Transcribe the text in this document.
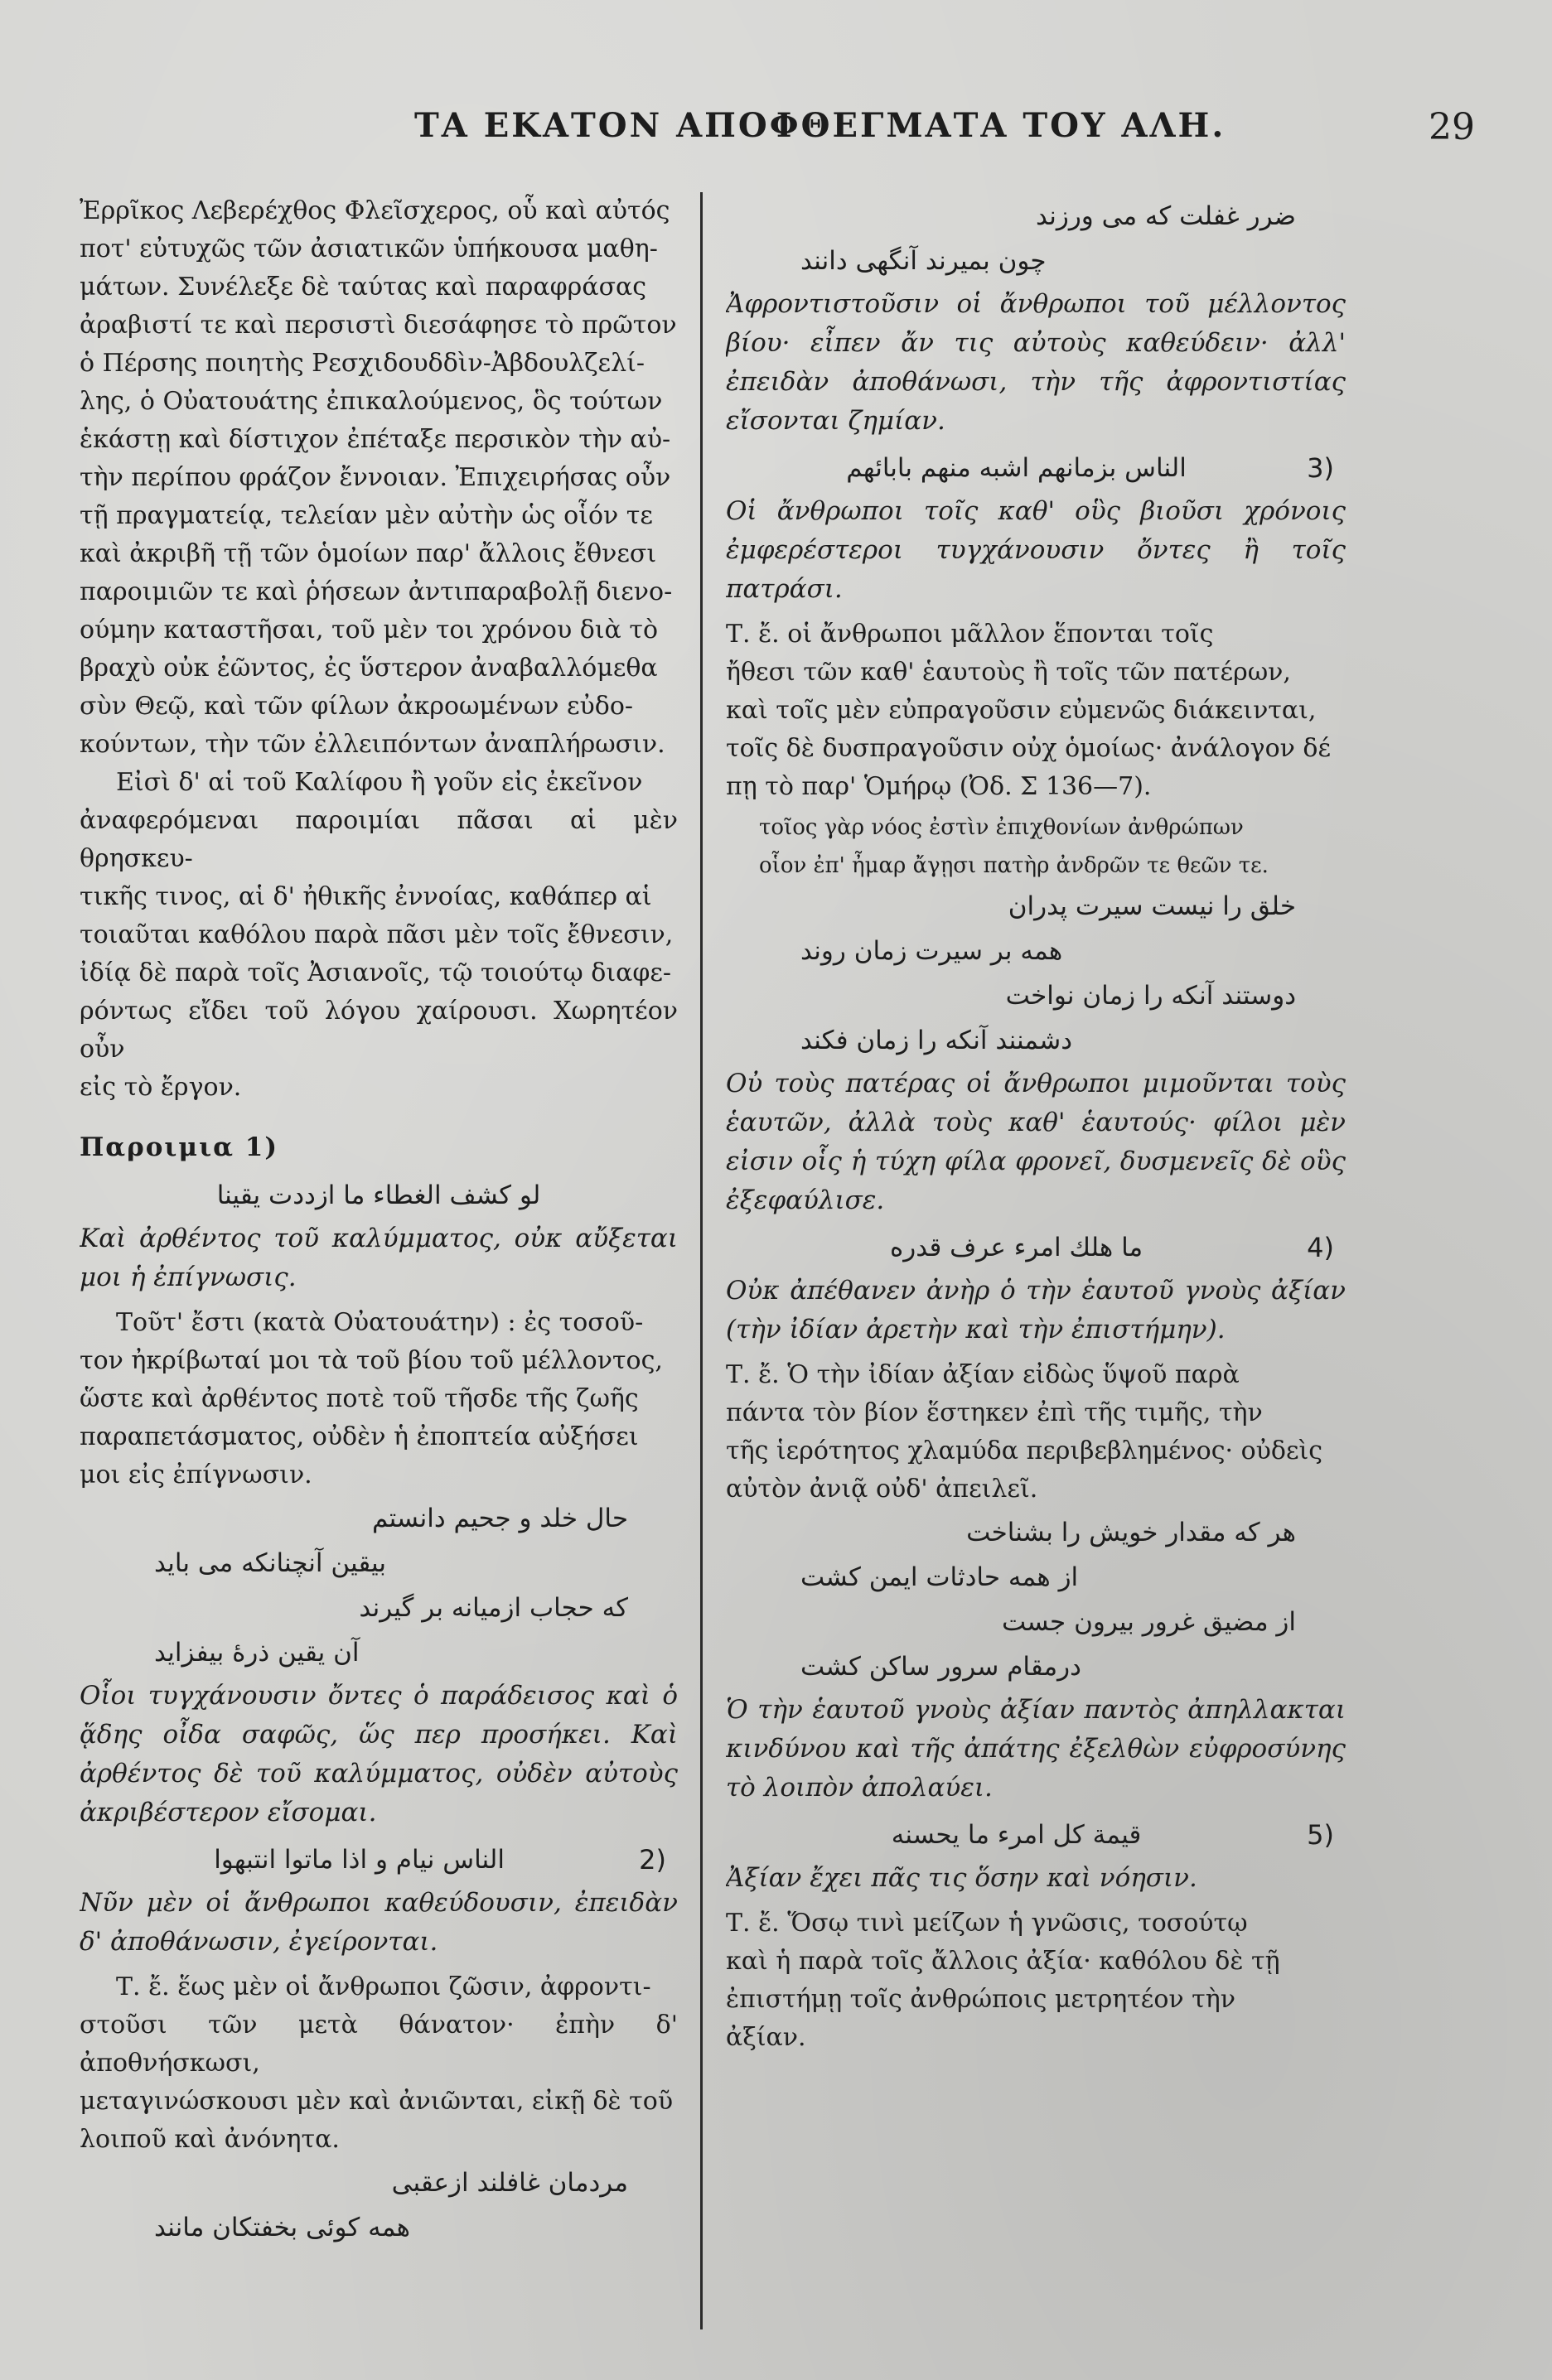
ΤΑ ΕΚΑΤΟΝ ΑΠΟΦΘΕΓΜΑΤΑ ΤΟΥ ΑΛΗ.	29

Ἐρρῖκος Λεβερέχθος Φλεῖσχερος, οὗ καὶ αὐτός

ποτ' εὐτυχῶς τῶν ἀσιατικῶν ὑπήκουσα μαθη-

μάτων. Συνέλεξε δὲ ταύτας καὶ παραφράσας

ἀραβιστί τε καὶ περσιστὶ διεσάφησε τὸ πρῶτον

ὁ Πέρσης ποιητὴς Ρεσχιδουδδὶν-Ἀβδουλζελί-

λης, ὁ Οὐατουάτης ἐπικαλούμενος, ὃς τούτων

ἑκάστῃ καὶ δίστιχον ἐπέταξε περσικὸν τὴν αὐ-

τὴν περίπου φράζον ἔννοιαν. Ἐπιχειρήσας οὖν

τῇ πραγματείᾳ, τελείαν μὲν αὐτὴν ὡς οἷόν τε

καὶ ἀκριβῆ τῇ τῶν ὁμοίων παρ' ἄλλοις ἔθνεσι

παροιμιῶν τε καὶ ῥήσεων ἀντιπαραβολῇ διενο-

ούμην καταστῆσαι, τοῦ μὲν τοι χρόνου διὰ τὸ

βραχὺ οὐκ ἐῶντος, ἐς ὕστερον ἀναβαλλόμεθα

σὺν Θεῷ, καὶ τῶν φίλων ἀκροωμένων εὐδο-

κούντων, τὴν τῶν ἐλλειπόντων ἀναπλήρωσιν.

Εἰσὶ δ' αἱ τοῦ Καλίφου ἢ γοῦν εἰς ἐκεῖνον

ἀναφερόμεναι παροιμίαι πᾶσαι αἱ μὲν θρησκευ-

τικῆς τινος, αἱ δ' ἠθικῆς ἐννοίας, καθάπερ αἱ

τοιαῦται καθόλου παρὰ πᾶσι μὲν τοῖς ἔθνεσιν,

ἰδίᾳ δὲ παρὰ τοῖς Ἀσιανοῖς, τῷ τοιούτῳ διαφε-

ρόντως εἴδει τοῦ λόγου χαίρουσι. Χωρητέον οὖν

εἰς τὸ ἔργον.

Παροιμια 1)
لو كشف الغطاء ما ازددت يقينا
Καὶ ἀρθέντος τοῦ καλύμματος, οὐκ αὔξεται μοι ἡ ἐπίγνωσις.

Τοῦτ' ἔστι (κατὰ Οὐατουάτην) : ἐς τοσοῦ-

τον ἠκρίβωταί μοι τὰ τοῦ βίου τοῦ μέλλοντος,

ὥστε καὶ ἀρθέντος ποτὲ τοῦ τῆσδε τῆς ζωῆς

παραπετάσματος, οὐδὲν ἡ ἐποπτεία αὐξήσει

μοι εἰς ἐπίγνωσιν.

حال خلد و جحیم دانستم
بیقین آنچنانکه می باید
که حجاب ازمیانه بر گیرند
آن یقین ذرهٔ بیفزاید
Οἷοι τυγχάνουσιν ὄντες ὁ παράδεισος καὶ ὁ ᾅδης οἶδα σαφῶς, ὥς περ προσήκει. Καὶ ἀρθέντος δὲ τοῦ καλύμματος, οὐδὲν αὐτοὺς ἀκριβέστερον εἴσομαι.
الناس نيام و اذا ماتوا انتبهوا	2)
Νῦν μὲν οἱ ἄνθρωποι καθεύδουσιν, ἐπειδὰν δ' ἀποθάνωσιν, ἐγείρονται.

Τ. ἔ. ἕως μὲν οἱ ἄνθρωποι ζῶσιν, ἀφροντι-

στοῦσι τῶν μετὰ θάνατον· ἐπὴν δ' ἀποθνήσκωσι,

μεταγινώσκουσι μὲν καὶ ἀνιῶνται, εἰκῇ δὲ τοῦ

λοιποῦ καὶ ἀνόνητα.

مردمان غافلند ازعقبی
همه کوئی بخفتکان مانند
ضرر غفلت که می ورزند
چون بمیرند آنگهی دانند
Ἀφροντιστοῦσιν οἱ ἄνθρωποι τοῦ μέλλοντος βίου· εἶπεν ἄν τις αὐτοὺς καθεύδειν· ἀλλ' ἐπειδὰν ἀποθάνωσι, τὴν τῆς ἀφροντιστίας εἴσονται ζημίαν.
الناس بزمانهم اشبه منهم بابائهم	3)
Οἱ ἄνθρωποι τοῖς καθ' οὓς βιοῦσι χρόνοις ἐμφερέστεροι τυγχάνουσιν ὄντες ἢ τοῖς πατράσι.

Τ. ἔ. οἱ ἄνθρωποι μᾶλλον ἕπονται τοῖς

ἤθεσι τῶν καθ' ἑαυτοὺς ἢ τοῖς τῶν πατέρων,

καὶ τοῖς μὲν εὐπραγοῦσιν εὐμενῶς διάκεινται,

τοῖς δὲ δυσπραγοῦσιν οὐχ ὁμοίως· ἀνάλογον δέ

πῃ τὸ παρ' Ὁμήρῳ (Ὀδ. Σ 136—7).

τοῖος γὰρ νόος ἐστὶν ἐπιχθονίων ἀνθρώπων

οἷον ἐπ' ἦμαρ ἄγῃσι πατὴρ ἀνδρῶν τε θεῶν τε.

خلق را نیست سیرت پدران
همه بر سیرت زمان روند
دوستند آنکه را زمان نواخت
دشمنند آنکه را زمان فکند
Οὐ τοὺς πατέρας οἱ ἄνθρωποι μιμοῦνται τοὺς ἑαυτῶν, ἀλλὰ τοὺς καθ' ἑαυτούς· φίλοι μὲν εἰσιν οἷς ἡ τύχη φίλα φρονεῖ, δυσμενεῖς δὲ οὓς ἐξεφαύλισε.
ما هلك امرء عرف قدره	4)
Οὐκ ἀπέθανεν ἀνὴρ ὁ τὴν ἑαυτοῦ γνοὺς ἀξίαν (τὴν ἰδίαν ἀρετὴν καὶ τὴν ἐπιστήμην).

Τ. ἔ. Ὁ τὴν ἰδίαν ἀξίαν εἰδὼς ὕψοῦ παρὰ

πάντα τὸν βίον ἕστηκεν ἐπὶ τῆς τιμῆς, τὴν

τῆς ἱερότητος χλαμύδα περιβεβλημένος· οὐδεὶς

αὐτὸν ἀνιᾷ οὐδ' ἀπειλεῖ.

هر که مقدار خویش را بشناخت
از همه حادثات ایمن کشت
از مضیق غرور بیرون جست
درمقام سرور ساکن کشت
Ὁ τὴν ἑαυτοῦ γνοὺς ἀξίαν παντὸς ἀπηλλακται κινδύνου καὶ τῆς ἀπάτης ἐξελθὼν εὐφροσύνης τὸ λοιπὸν ἀπολαύει.
قيمة كل امرء ما يحسنه	5)
Ἀξίαν ἔχει πᾶς τις ὅσην καὶ νόησιν.

Τ. ἔ. Ὅσῳ τινὶ μείζων ἡ γνῶσις, τοσούτῳ

καὶ ἡ παρὰ τοῖς ἄλλοις ἀξία· καθόλου δὲ τῇ

ἐπιστήμῃ τοῖς ἀνθρώποις μετρητέον τὴν

ἀξίαν.
